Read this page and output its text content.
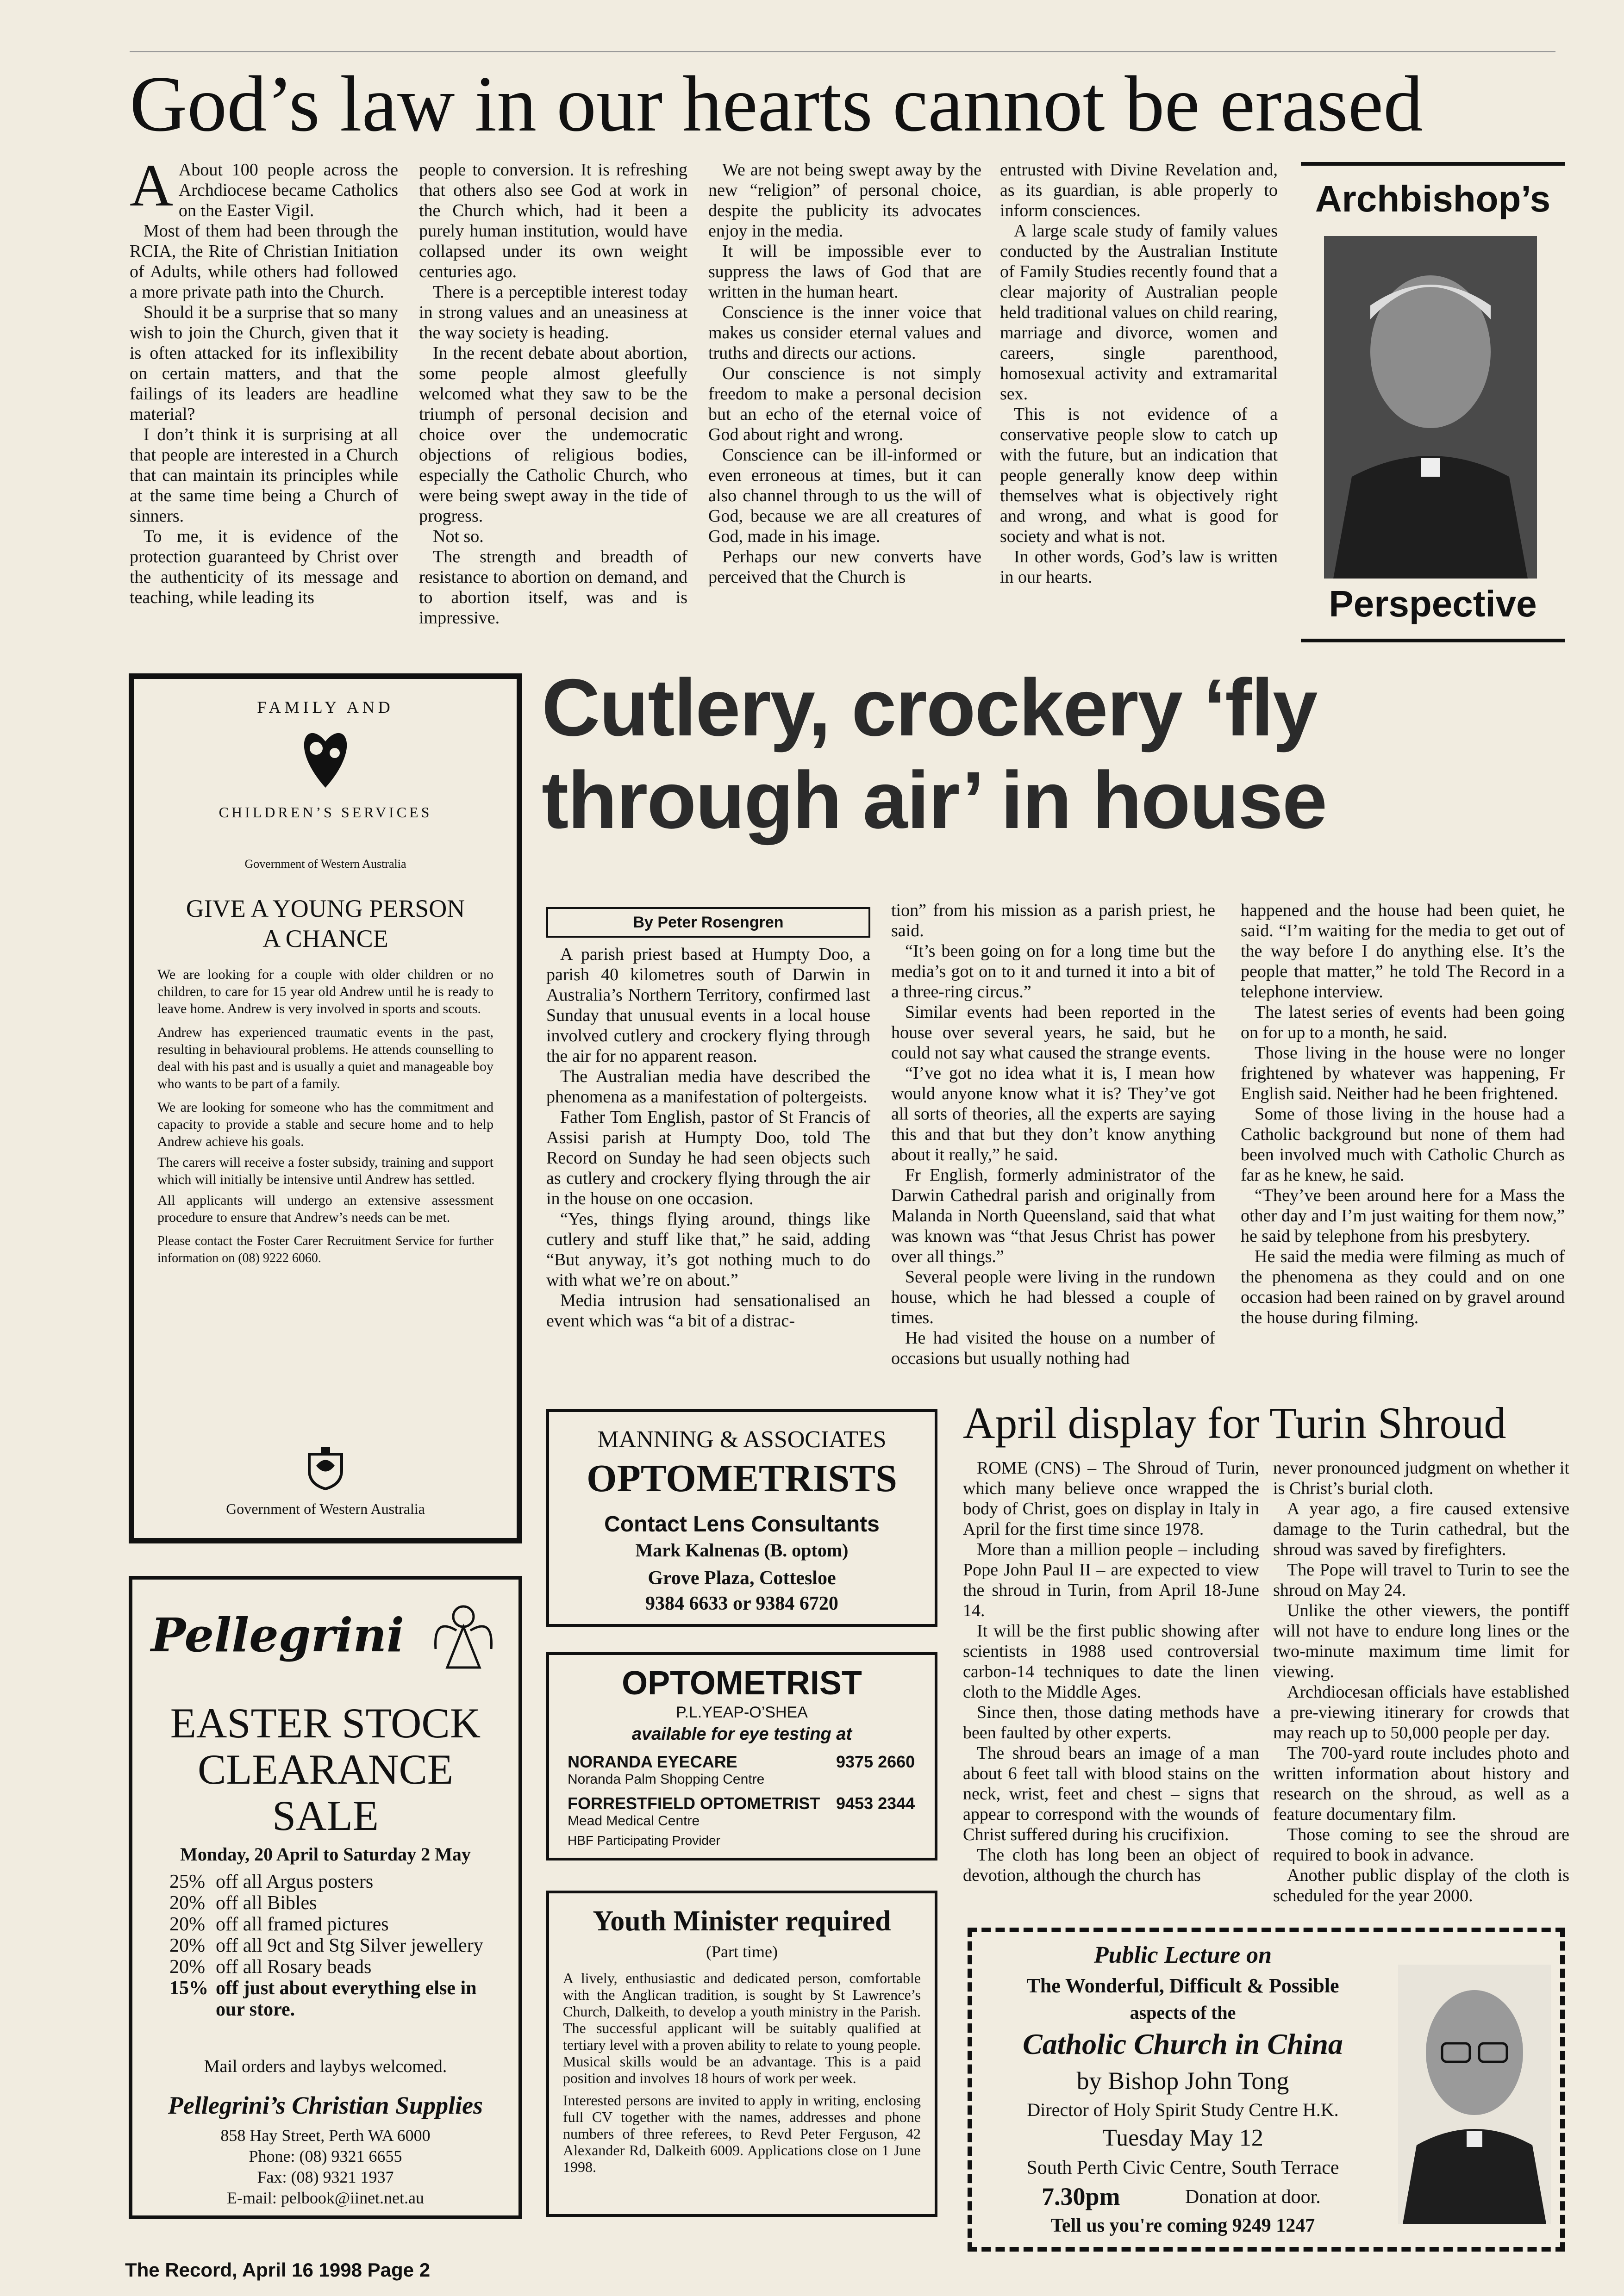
God’s law in our hearts cannot be erased

A About 100 people across the Archdiocese became Catholics on the Easter Vigil.

Most of them had been through the RCIA, the Rite of Christian Initiation of Adults, while others had followed a more private path into the Church.

Should it be a surprise that so many wish to join the Church, given that it is often attacked for its inflexibility on certain matters, and that the failings of its leaders are headline material?

I don’t think it is surprising at all that people are interested in a Church that can maintain its principles while at the same time being a Church of sinners.

To me, it is evidence of the protection guaranteed by Christ over the authenticity of its message and teaching, while leading its

people to conversion. It is refreshing that others also see God at work in the Church which, had it been a purely human institution, would have collapsed under its own weight centuries ago.

There is a perceptible interest today in strong values and an uneasiness at the way society is heading.

In the recent debate about abortion, some people almost gleefully welcomed what they saw to be the triumph of personal decision and choice over the undemocratic objections of religious bodies, especially the Catholic Church, who were being swept away in the tide of progress.

Not so.

The strength and breadth of resistance to abortion on demand, and to abortion itself, was and is impressive.

We are not being swept away by the new “religion” of personal choice, despite the publicity its advocates enjoy in the media.

It will be impossible ever to suppress the laws of God that are written in the human heart.

Conscience is the inner voice that makes us consider eternal values and truths and directs our actions.

Our conscience is not simply freedom to make a personal decision but an echo of the eternal voice of God about right and wrong.

Conscience can be ill-informed or even erroneous at times, but it can also channel through to us the will of God, because we are all creatures of God, made in his image.

Perhaps our new converts have perceived that the Church is

entrusted with Divine Revelation and, as its guardian, is able properly to inform consciences.

A large scale study of family values conducted by the Australian Institute of Family Studies recently found that a clear majority of Australian people held traditional values on child rearing, marriage and divorce, women and careers, single parenthood, homosexual activity and extramarital sex.

This is not evidence of a conservative people slow to catch up with the future, but an indication that people generally know deep within themselves what is objectively right and wrong, and what is good for society and what is not.

In other words, God’s law is written in our hearts.

Archbishop’s
Perspective
FAMILY AND
CHILDREN’S SERVICES
Government of Western Australia
GIVE A YOUNG PERSON
A CHANCE

We are looking for a couple with older children or no children, to care for 15 year old Andrew until he is ready to leave home. Andrew is very involved in sports and scouts.

Andrew has experienced traumatic events in the past, resulting in behavioural problems. He attends counselling to deal with his past and is usually a quiet and manageable boy who wants to be part of a family.

We are looking for someone who has the commitment and capacity to provide a stable and secure home and to help Andrew achieve his goals.

The carers will receive a foster subsidy, training and support which will initially be intensive until Andrew has settled.

All applicants will undergo an extensive assessment procedure to ensure that Andrew’s needs can be met.

Please contact the Foster Carer Recruitment Service for further information on (08) 9222 6060.

Government of Western Australia
Cutlery, crockery ‘fly
through air’ in house
By Peter Rosengren

A parish priest based at Humpty Doo, a parish 40 kilometres south of Darwin in Australia’s Northern Territory, confirmed last Sunday that unusual events in a local house involved cutlery and crockery flying through the air for no apparent reason.

The Australian media have described the phenomena as a manifestation of poltergeists.

Father Tom English, pastor of St Francis of Assisi parish at Humpty Doo, told The Record on Sunday he had seen objects such as cutlery and crockery flying through the air in the house on one occasion.

“Yes, things flying around, things like cutlery and stuff like that,” he said, adding “But anyway, it’s got nothing much to do with what we’re on about.”

Media intrusion had sensationalised an event which was “a bit of a distrac-

tion” from his mission as a parish priest, he said.

“It’s been going on for a long time but the media’s got on to it and turned it into a bit of a three-ring circus.”

Similar events had been reported in the house over several years, he said, but he could not say what caused the strange events.

“I’ve got no idea what it is, I mean how would anyone know what it is? They’ve got all sorts of theories, all the experts are saying this and that but they don’t know anything about it really,” he said.

Fr English, formerly administrator of the Darwin Cathedral parish and originally from Malanda in North Queensland, said that what was known was “that Jesus Christ has power over all things.”

Several people were living in the rundown house, which he had blessed a couple of times.

He had visited the house on a number of occasions but usually nothing had

happened and the house had been quiet, he said. “I’m waiting for the media to get out of the way before I do anything else. It’s the people that matter,” he told The Record in a telephone interview.

The latest series of events had been going on for up to a month, he said.

Those living in the house were no longer frightened by whatever was happening, Fr English said. Neither had he been frightened.

Some of those living in the house had a Catholic background but none of them had been involved much with Catholic Church as far as he knew, he said.

“They’ve been around here for a Mass the other day and I’m just waiting for them now,” he said by telephone from his presbytery.

He said the media were filming as much of the phenomena as they could and on one occasion had been rained on by gravel around the house during filming.

Pellegrini
EASTER STOCK
CLEARANCE
SALE
Monday, 20 April to Saturday 2 May
25% off all Argus posters
20% off all Bibles
20% off all framed pictures
20% off all 9ct and Stg Silver jewellery
20% off all Rosary beads
15% off just about everything else in our store.
Mail orders and laybys welcomed.
Pellegrini’s Christian Supplies
858 Hay Street, Perth WA 6000
Phone: (08) 9321 6655
Fax: (08) 9321 1937
E-mail: pelbook@iinet.net.au
MANNING & ASSOCIATES
OPTOMETRISTS
Contact Lens Consultants
Mark Kalnenas (B. optom)
Grove Plaza, Cottesloe
9384 6633 or 9384 6720
OPTOMETRIST
P.L.YEAP-O’SHEA
available for eye testing at
NORANDA EYECARE	9375 2660
Noranda Palm Shopping Centre
FORRESTFIELD OPTOMETRIST 9453 2344
Mead Medical Centre
HBF Participating Provider
Youth Minister required
(Part time)

A lively, enthusiastic and dedicated person, comfortable with the Anglican tradition, is sought by St Lawrence’s Church, Dalkeith, to develop a youth ministry in the Parish. The successful applicant will be suitably qualified at tertiary level with a proven ability to relate to young people. Musical skills would be an advantage. This is a paid position and involves 18 hours of work per week.

Interested persons are invited to apply in writing, enclosing full CV together with the names, addresses and phone numbers of three referees, to Revd Peter Ferguson, 42 Alexander Rd, Dalkeith 6009. Applications close on 1 June 1998.

April display for Turin Shroud

ROME (CNS) – The Shroud of Turin, which many believe once wrapped the body of Christ, goes on display in Italy in April for the first time since 1978.

More than a million people – including Pope John Paul II – are expected to view the shroud in Turin, from April 18-June 14.

It will be the first public showing after scientists in 1988 used controversial carbon-14 techniques to date the linen cloth to the Middle Ages.

Since then, those dating methods have been faulted by other experts.

The shroud bears an image of a man about 6 feet tall with blood stains on the neck, wrist, feet and chest – signs that appear to correspond with the wounds of Christ suffered during his crucifixion.

The cloth has long been an object of devotion, although the church has

never pronounced judgment on whether it is Christ’s burial cloth.

A year ago, a fire caused extensive damage to the Turin cathedral, but the shroud was saved by firefighters.

The Pope will travel to Turin to see the shroud on May 24.

Unlike the other viewers, the pontiff will not have to endure long lines or the two-minute maximum time limit for viewing.

Archdiocesan officials have established a pre-viewing itinerary for crowds that may reach up to 50,000 people per day.

The 700-yard route includes photo and written information about history and research on the shroud, as well as a feature documentary film.

Those coming to see the shroud are required to book in advance.

Another public display of the cloth is scheduled for the year 2000.

Public Lecture on
The Wonderful, Difficult & Possible
aspects of the
Catholic Church in China
by Bishop John Tong
Director of Holy Spirit Study Centre H.K.
Tuesday May 12
South Perth Civic Centre, South Terrace
7.30pm	Donation at door.
Tell us you're coming 9249 1247
The Record, April 16 1998 Page 2
